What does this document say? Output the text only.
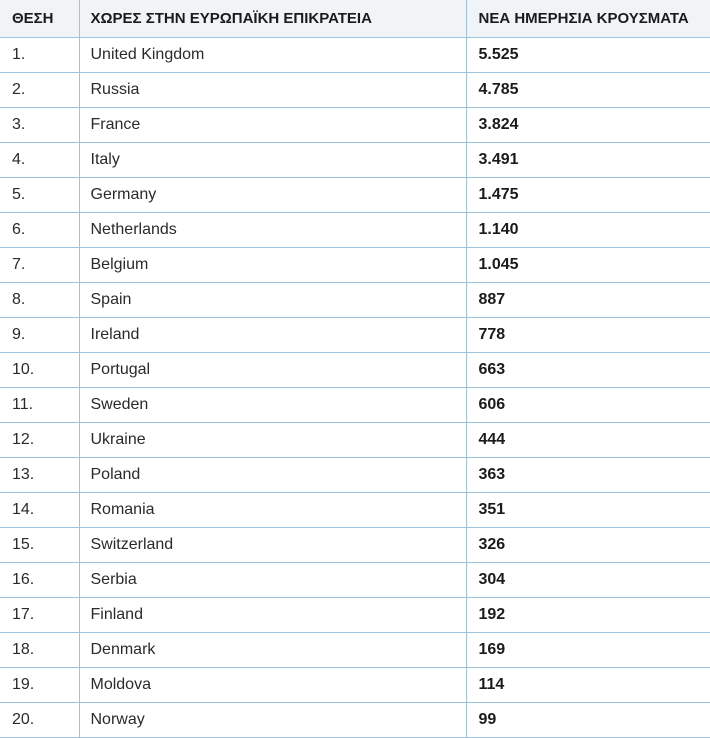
ΘΕΣΗ	ΧΩΡΕΣ ΣΤΗΝ ΕΥΡΩΠΑΪΚΗ ΕΠΙΚΡΑΤΕΙΑ	ΝΕΑ ΗΜΕΡΗΣΙΑ ΚΡΟΥΣΜΑΤΑ
1.	United Kingdom	5.525
2.	Russia	4.785
3.	France	3.824
4.	Italy	3.491
5.	Germany	1.475
6.	Netherlands	1.140
7.	Belgium	1.045
8.	Spain	887
9.	Ireland	778
10.	Portugal	663
11.	Sweden	606
12.	Ukraine	444
13.	Poland	363
14.	Romania	351
15.	Switzerland	326
16.	Serbia	304
17.	Finland	192
18.	Denmark	169
19.	Moldova	114
20.	Norway	99
